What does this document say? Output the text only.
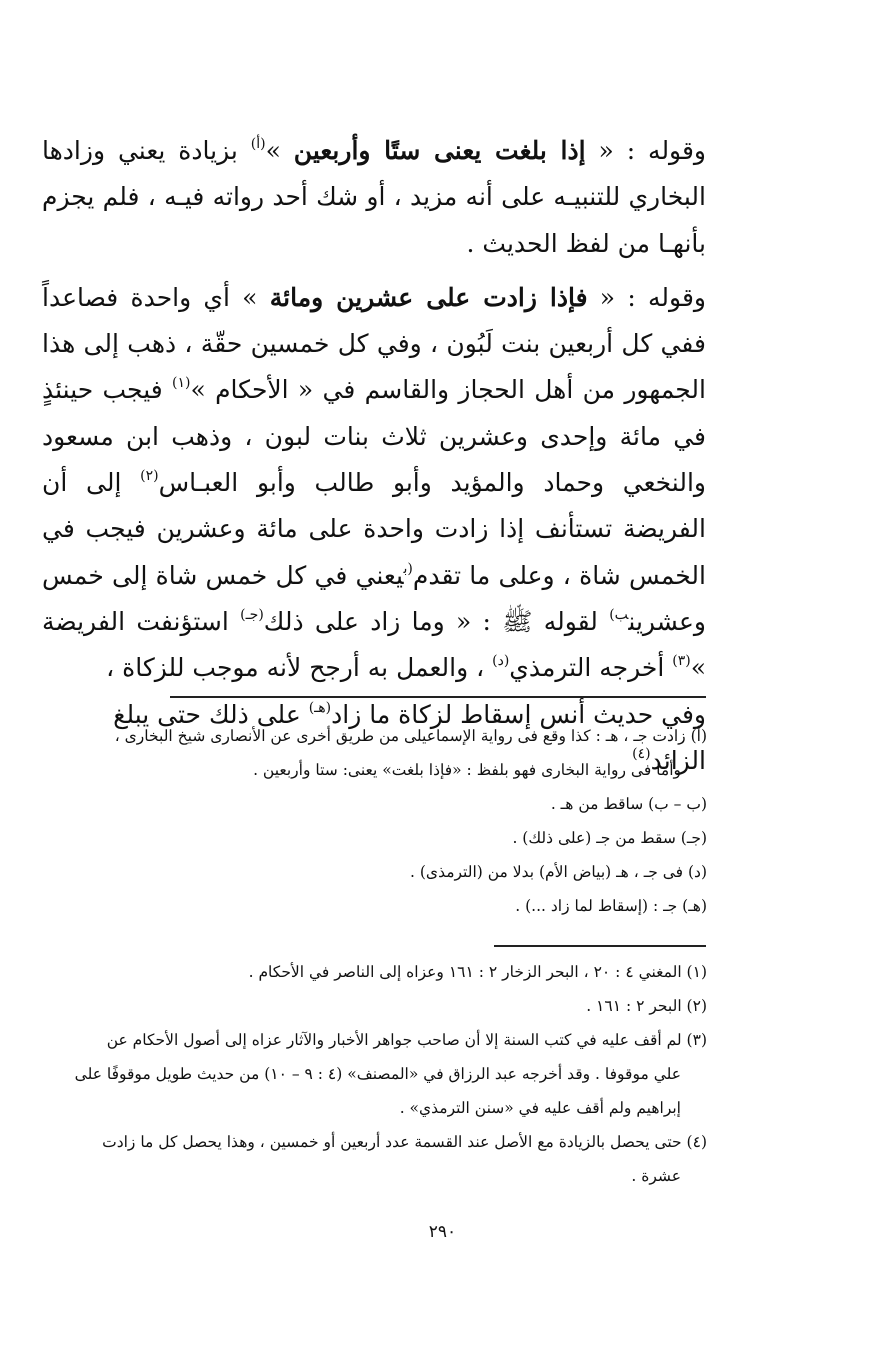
وقوله : « إذا بلغت يعنى ستًا وأربعين »$^{(أ)}$ بزيادة يعني وزادها البخاري للتنبيـه على أنه مزيد ، أو شك أحد رواته فيـه ، فلم يجزم بأنهـا من لفظ الحديث .

وقوله : « فإذا زادت على عشرين ومائة » أي واحدة فصاعداً ففي كل أربعين بنت لَبُون ، وفي كل خمسين حقّة ، ذهب إلى هذا الجمهور من أهل الحجاز والقاسم في « الأحكام »$^{(١)}$ فيجب حينئذٍ في مائة وإحدى وعشرين ثلاث بنات لبون ، وذهب ابن مسعود والنخعي وحماد والمؤيد وأبو طالب وأبو العبـاس$^{(٢)}$ إلى أن الفريضة تستأنف إذا زادت واحدة على مائة وعشرين فيجب في الخمس شاة ، وعلى ما تقدم$^{(ب}$يعني في كل خمس شاة إلى خمس وعشرين$^{ب)}$ لقوله ﷺ : « وما زاد على ذلك$^{(جـ)}$ استؤنفت الفريضة »$^{(٣)}$ أخرجه الترمذي$^{(د)}$ ، والعمل به أرجح لأنه موجب للزكاة ،

وفي حديث أنس إسقاط لزكاة ما زاد$^{(هـ)}$ على ذلك حتى يبلغ الزائد$^{(٤)}$

(أ) زادت جـ ، هـ : كذا وقع فى رواية الإسماعيلى من طريق أخرى عن الأنصارى شيخ البخارى ،
وأما فى رواية البخارى فهو بلفظ : «فإذا بلغت» يعنى: ستا وأربعين .
(ب – ب) ساقط من هـ .
(جـ) سقط من جـ (على ذلك) .
(د) فى جـ ، هـ (بياض الأم) بدلا من (الترمذى) .
(هـ) جـ : (إسقاط لما زاد ...) .
(١) المغني ٤ : ٢٠ ، البحر الزخار ٢ : ١٦١ وعزاه إلى الناصر في الأحكام .
(٢) البحر ٢ : ١٦١ .
(٣) لم أقف عليه في كتب السنة إلا أن صاحب جواهر الأخبار والآثار عزاه إلى أصول الأحكام عن
علي موقوفا . وقد أخرجه عبد الرزاق في «المصنف» (٤ : ٩ – ١٠) من حديث طويل موقوفًا على إبراهيم ولم أقف عليه في «سنن الترمذي» .
(٤) حتى يحصل بالزيادة مع الأصل عند القسمة عدد أربعين أو خمسين ، وهذا يحصل كل ما زادت
عشرة .
٢٩٠
